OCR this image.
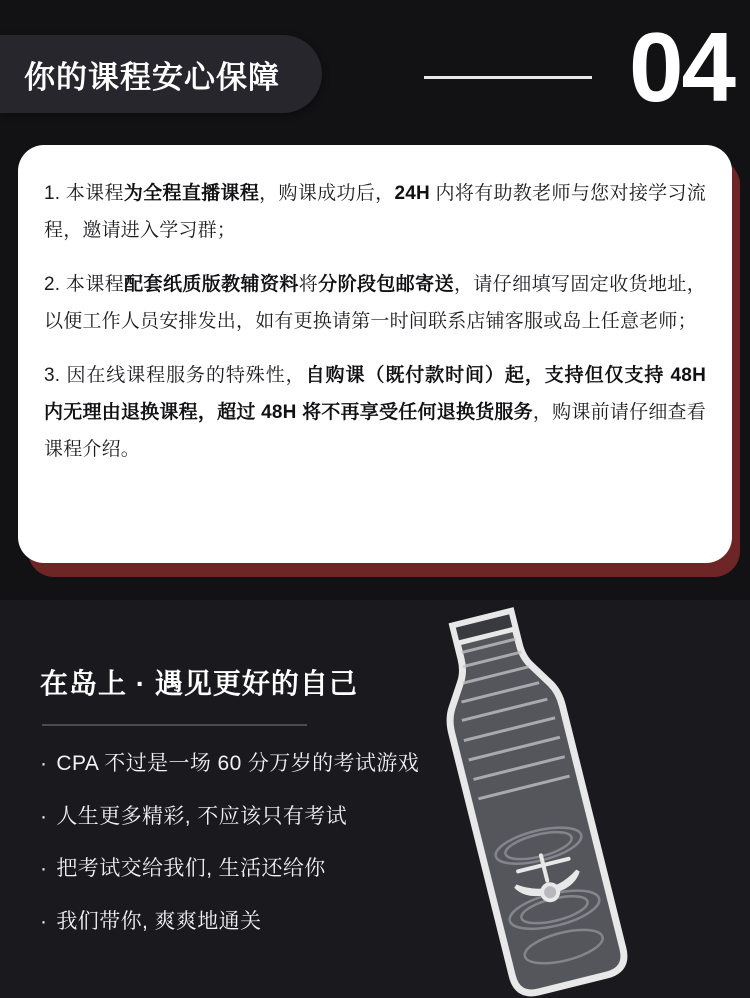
你的课程安心保障	04

1. 本课程为全程直播课程，购课成功后，24H 内将有助教老师与您对接学习流程，邀请进入学习群；

2. 本课程配套纸质版教辅资料将分阶段包邮寄送，请仔细填写固定收货地址，以便工作人员安排发出，如有更换请第一时间联系店铺客服或岛上任意老师；

3. 因在线课程服务的特殊性，自购课（既付款时间）起，支持但仅支持 48H 内无理由退换课程，超过 48H 将不再享受任何退换货服务，购课前请仔细查看课程介绍。

在岛上 · 遇见更好的自己
· CPA 不过是一场 60 分万岁的考试游戏
· 人生更多精彩, 不应该只有考试
· 把考试交给我们, 生活还给你
· 我们带你, 爽爽地通关
